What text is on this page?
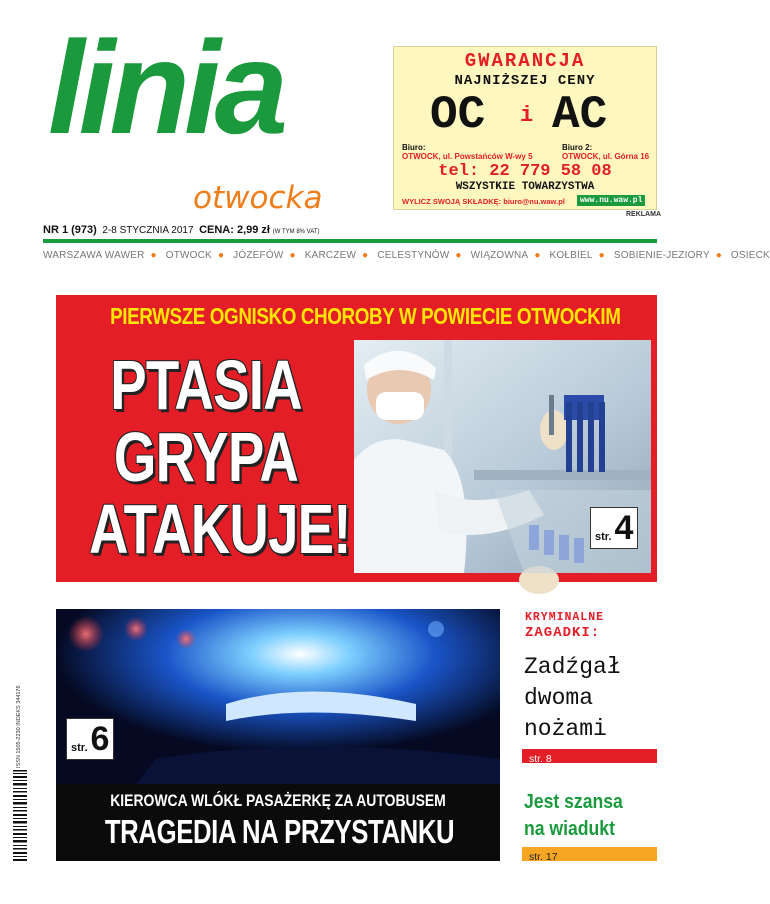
linia
otwocka
GWARANCJA
NAJNIŻSZEJ CENY
OC i AC
Biuro:
OTWOCK, ul. Powstańców W-wy 5
Biuro 2:
OTWOCK, ul. Górna 16
tel: 22 779 58 08
WSZYSTKIE TOWARZYSTWA
WYLICZ SWOJĄ SKŁADKĘ: biuro@nu.waw.pl	www.nu.waw.pl
REKLAMA
NR 1 (973) 2-8 STYCZNIA 2017 CENA: 2,99 zł (W TYM 8% VAT)
WARSZAWA WAWER ● OTWOCK ● JÓZEFÓW ● KARCZEW ● CELESTYNÓW ● WIĄZOWNA ● KOŁBIEL ● SOBIENIE-JEZIORY ● OSIECK
PIERWSZE OGNISKO CHOROBY W POWIECIE OTWOCKIM
PTASIA
GRYPA
ATAKUJE!	str. 4
str. 6
KIEROWCA WLÓKŁ PASAŻERKĘ ZA AUTOBUSEM
TRAGEDIA NA PRZYSTANKU
KRYMINALNE
ZAGADKI:
Zadźgał
dwoma
nożami
str. 8
Jest szansa
na wiadukt
str. 17
ISSN 1505-2230 INDEKS 344176
